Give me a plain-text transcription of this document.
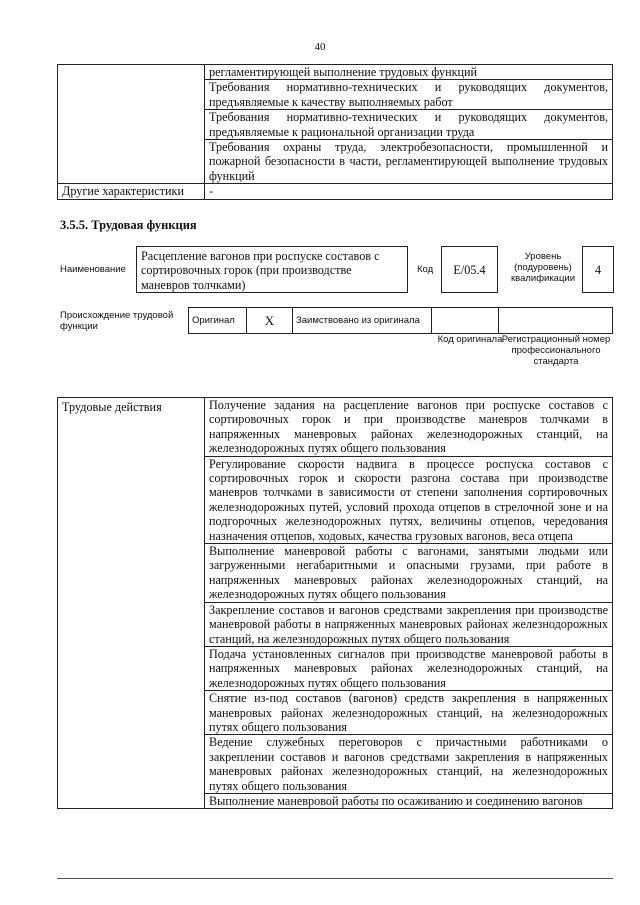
40
	регламентирующей выполнение трудовых функций
	Требования нормативно-технических и руководящих документов, предъявляемые к качеству выполняемых работ
	Требования нормативно-технических и руководящих документов, предъявляемые к рациональной организации труда
	Требования охраны труда, электробезопасности, промышленной и пожарной безопасности в части, регламентирующей выполнение трудовых функций
Другие характеристики	-
3.5.5. Трудовая функция
Наименование
Расцепление вагонов при роспуске составов с сортировочных горок (при производстве маневров толчками)
Код	E/05.4
Уровень (подуровень) квалификации
4
Происхождение трудовой функции
Оригинал	X	Заимствовано из оригинала		
Код оригинала Регистрационный номер профессионального стандарта
Трудовые действия	Получение задания на расцепление вагонов при роспуске составов с сортировочных горок и при производстве маневров толчками в напряженных маневровых районах железнодорожных станций, на железнодорожных путях общего пользования
Регулирование скорости надвига в процессе роспуска составов с сортировочных горок и скорости разгона состава при производстве маневров толчками в зависимости от степени заполнения сортировочных железнодорожных путей, условий прохода отцепов в стрелочной зоне и на подгорочных железнодорожных путях, величины отцепов, чередования назначения отцепов, ходовых, качества грузовых вагонов, веса отцепа
Выполнение маневровой работы с вагонами, занятыми людьми или загруженными негабаритными и опасными грузами, при работе в напряженных маневровых районах железнодорожных станций, на железнодорожных путях общего пользования
Закрепление составов и вагонов средствами закрепления при производстве маневровой работы в напряженных маневровых районах железнодорожных станций, на железнодорожных путях общего пользования
Подача установленных сигналов при производстве маневровой работы в напряженных маневровых районах железнодорожных станций, на железнодорожных путях общего пользования
Снятие из-под составов (вагонов) средств закрепления в напряженных маневровых районах железнодорожных станций, на железнодорожных путях общего пользования
Ведение служебных переговоров с причастными работниками о закреплении составов и вагонов средствами закрепления в напряженных маневровых районах железнодорожных станций, на железнодорожных путях общего пользования
Выполнение маневровой работы по осаживанию и соединению вагонов
